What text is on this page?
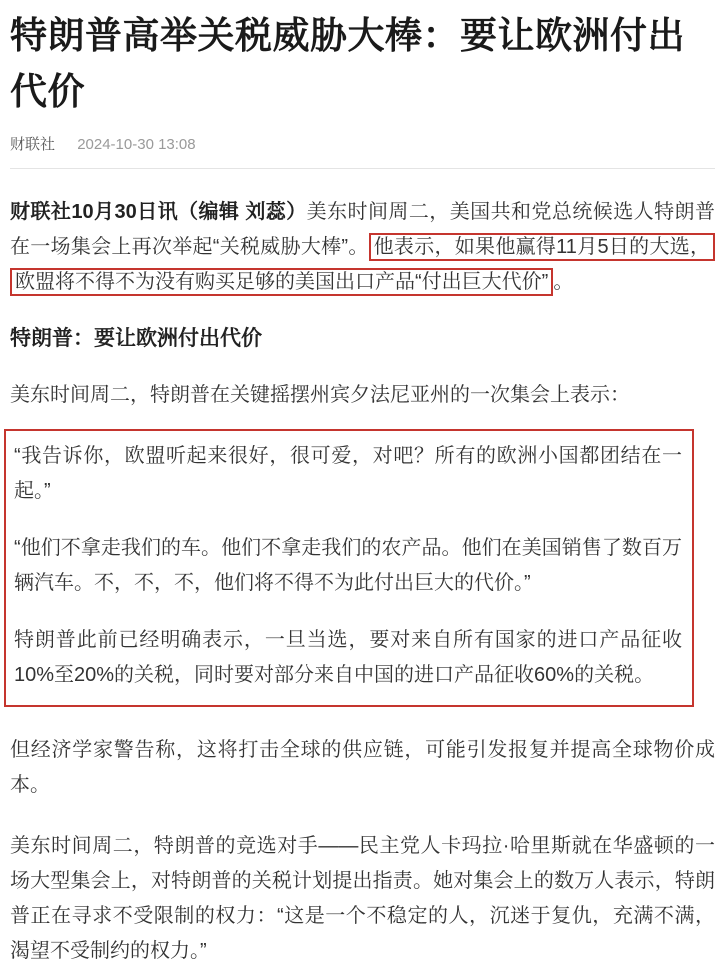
特朗普高举关税威胁大棒：要让欧洲付出代价
财联社 2024-10-30 13:08

财联社10月30日讯（编辑 刘蕊）美东时间周二，美国共和党总统候选人特朗普在一场集会上再次举起“关税威胁大棒”。 他表示，如果他赢得11月5日的大选，欧盟将不得不为没有购买足够的美国出口产品“付出巨大代价” 。

特朗普：要让欧洲付出代价

美东时间周二，特朗普在关键摇摆州宾夕法尼亚州的一次集会上表示：

“我告诉你，欧盟听起来很好，很可爱，对吧？所有的欧洲小国都团结在一起。”

“他们不拿走我们的车。他们不拿走我们的农产品。他们在美国销售了数百万辆汽车。不，不，不，他们将不得不为此付出巨大的代价。”

特朗普此前已经明确表示，一旦当选，要对来自所有国家的进口产品征收10%至20%的关税，同时要对部分来自中国的进口产品征收60%的关税。

但经济学家警告称，这将打击全球的供应链，可能引发报复并提高全球物价成本。

美东时间周二，特朗普的竞选对手——民主党人卡玛拉·哈里斯就在华盛顿的一场大型集会上，对特朗普的关税计划提出指责。她对集会上的数万人表示，特朗普正在寻求不受限制的权力：“这是一个不稳定的人，沉迷于复仇，充满不满，渴望不受制约的权力。”
